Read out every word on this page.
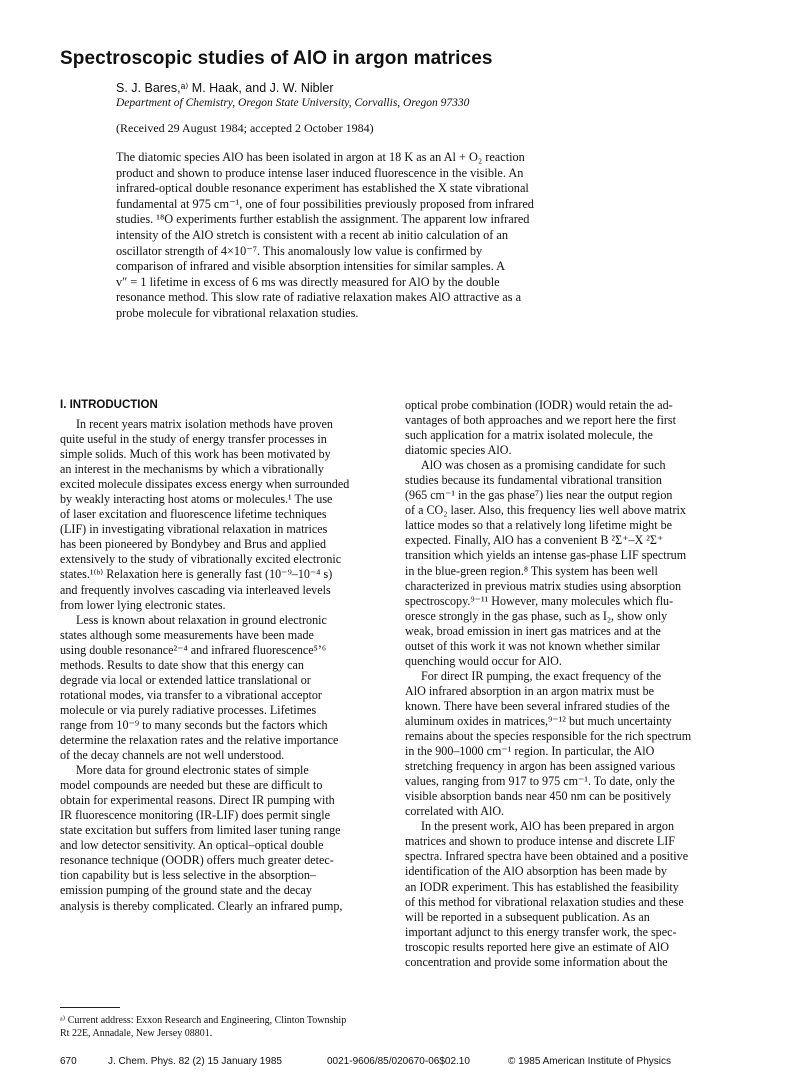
Spectroscopic studies of AlO in argon matrices
S. J. Bares,ᵃ⁾ M. Haak, and J. W. Nibler
Department of Chemistry, Oregon State University, Corvallis, Oregon 97330
(Received 29 August 1984; accepted 2 October 1984)
The diatomic species AlO has been isolated in argon at 18 K as an Al + O₂ reaction
product and shown to produce intense laser induced fluorescence in the visible. An
infrared-optical double resonance experiment has established the X state vibrational
fundamental at 975 cm⁻¹, one of four possibilities previously proposed from infrared
studies. ¹⁸O experiments further establish the assignment. The apparent low infrared
intensity of the AlO stretch is consistent with a recent ab initio calculation of an
oscillator strength of 4×10⁻⁷. This anomalously low value is confirmed by
comparison of infrared and visible absorption intensities for similar samples. A
v″ = 1 lifetime in excess of 6 ms was directly measured for AlO by the double
resonance method. This slow rate of radiative relaxation makes AlO attractive as a
probe molecule for vibrational relaxation studies.
I. INTRODUCTION
In recent years matrix isolation methods have proven
quite useful in the study of energy transfer processes in
simple solids. Much of this work has been motivated by
an interest in the mechanisms by which a vibrationally
excited molecule dissipates excess energy when surrounded
by weakly interacting host atoms or molecules.¹ The use
of laser excitation and fluorescence lifetime techniques
(LIF) in investigating vibrational relaxation in matrices
has been pioneered by Bondybey and Brus and applied
extensively to the study of vibrationally excited electronic
states.¹⁽ᵇ⁾ Relaxation here is generally fast (10⁻⁹–10⁻⁴ s)
and frequently involves cascading via interleaved levels
from lower lying electronic states.
Less is known about relaxation in ground electronic
states although some measurements have been made
using double resonance²⁻⁴ and infrared fluorescence⁵ʼ⁶
methods. Results to date show that this energy can
degrade via local or extended lattice translational or
rotational modes, via transfer to a vibrational acceptor
molecule or via purely radiative processes. Lifetimes
range from 10⁻⁹ to many seconds but the factors which
determine the relaxation rates and the relative importance
of the decay channels are not well understood.
More data for ground electronic states of simple
model compounds are needed but these are difficult to
obtain for experimental reasons. Direct IR pumping with
IR fluorescence monitoring (IR-LIF) does permit single
state excitation but suffers from limited laser tuning range
and low detector sensitivity. An optical–optical double
resonance technique (OODR) offers much greater detec-
tion capability but is less selective in the absorption–
emission pumping of the ground state and the decay
analysis is thereby complicated. Clearly an infrared pump,
optical probe combination (IODR) would retain the ad-
vantages of both approaches and we report here the first
such application for a matrix isolated molecule, the
diatomic species AlO.
AlO was chosen as a promising candidate for such
studies because its fundamental vibrational transition
(965 cm⁻¹ in the gas phase⁷) lies near the output region
of a CO₂ laser. Also, this frequency lies well above matrix
lattice modes so that a relatively long lifetime might be
expected. Finally, AlO has a convenient B ²Σ⁺–X ²Σ⁺
transition which yields an intense gas-phase LIF spectrum
in the blue-green region.⁸ This system has been well
characterized in previous matrix studies using absorption
spectroscopy.⁹⁻¹¹ However, many molecules which flu-
oresce strongly in the gas phase, such as I₂, show only
weak, broad emission in inert gas matrices and at the
outset of this work it was not known whether similar
quenching would occur for AlO.
For direct IR pumping, the exact frequency of the
AlO infrared absorption in an argon matrix must be
known. There have been several infrared studies of the
aluminum oxides in matrices,⁹⁻¹² but much uncertainty
remains about the species responsible for the rich spectrum
in the 900–1000 cm⁻¹ region. In particular, the AlO
stretching frequency in argon has been assigned various
values, ranging from 917 to 975 cm⁻¹. To date, only the
visible absorption bands near 450 nm can be positively
correlated with AlO.
In the present work, AlO has been prepared in argon
matrices and shown to produce intense and discrete LIF
spectra. Infrared spectra have been obtained and a positive
identification of the AlO absorption has been made by
an IODR experiment. This has established the feasibility
of this method for vibrational relaxation studies and these
will be reported in a subsequent publication. As an
important adjunct to this energy transfer work, the spec-
troscopic results reported here give an estimate of AlO
concentration and provide some information about the
ᵃ⁾ Current address: Exxon Research and Engineering, Clinton Township
Rt 22E, Annadale, New Jersey 08801.
670	J. Chem. Phys. 82 (2) 15 January 1985	0021-9606/85/020670-06$02.10	© 1985 American Institute of Physics
